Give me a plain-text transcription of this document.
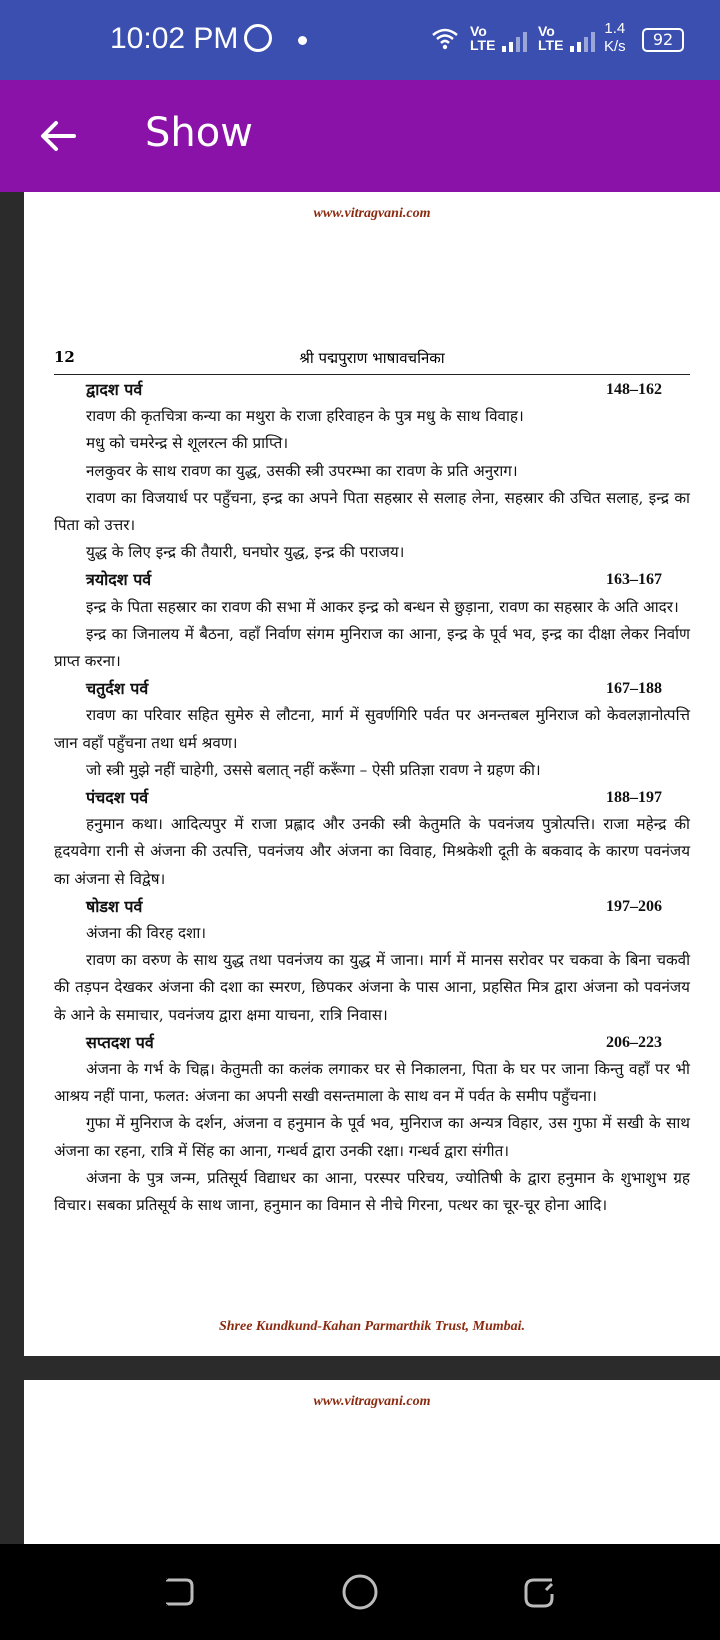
10:02 PM	Vo
LTE
Vo
LTE
1.4
K/s	92
Show
www.vitragvani.com
12	श्री पद्मपुराण भाषावचनिका
द्वादश पर्व	148–162

रावण की कृतचित्रा कन्या का मथुरा के राजा हरिवाहन के पुत्र मधु के साथ विवाह।

मधु को चमरेन्द्र से शूलरत्न की प्राप्ति।

नलकुवर के साथ रावण का युद्ध, उसकी स्त्री उपरम्भा का रावण के प्रति अनुराग।

रावण का विजयार्ध पर पहुँचना, इन्द्र का अपने पिता सहस्रार से सलाह लेना, सहस्रार की उचित सलाह, इन्द्र का पिता को उत्तर।

युद्ध के लिए इन्द्र की तैयारी, घनघोर युद्ध, इन्द्र की पराजय।

त्रयोदश पर्व	163–167

इन्द्र के पिता सहस्रार का रावण की सभा में आकर इन्द्र को बन्धन से छुड़ाना, रावण का सहस्रार के अति आदर।

इन्द्र का जिनालय में बैठना, वहाँ निर्वाण संगम मुनिराज का आना, इन्द्र के पूर्व भव, इन्द्र का दीक्षा लेकर निर्वाण प्राप्त करना।

चतुर्दश पर्व	167–188

रावण का परिवार सहित सुमेरु से लौटना, मार्ग में सुवर्णगिरि पर्वत पर अनन्तबल मुनिराज को केवलज्ञानोत्पत्ति जान वहाँ पहुँचना तथा धर्म श्रवण।

जो स्त्री मुझे नहीं चाहेगी, उससे बलात् नहीं करूँगा – ऐसी प्रतिज्ञा रावण ने ग्रहण की।

पंचदश पर्व	188–197

हनुमान कथा। आदित्यपुर में राजा प्रह्लाद और उनकी स्त्री केतुमति के पवनंजय पुत्रोत्पत्ति। राजा महेन्द्र की हृदयवेगा रानी से अंजना की उत्पत्ति, पवनंजय और अंजना का विवाह, मिश्रकेशी दूती के बकवाद के कारण पवनंजय का अंजना से विद्वेष।

षोडश पर्व	197–206

अंजना की विरह दशा।

रावण का वरुण के साथ युद्ध तथा पवनंजय का युद्ध में जाना। मार्ग में मानस सरोवर पर चकवा के बिना चकवी की तड़पन देखकर अंजना की दशा का स्मरण, छिपकर अंजना के पास आना, प्रहसित मित्र द्वारा अंजना को पवनंजय के आने के समाचार, पवनंजय द्वारा क्षमा याचना, रात्रि निवास।

सप्तदश पर्व	206–223

अंजना के गर्भ के चिह्न। केतुमती का कलंक लगाकर घर से निकालना, पिता के घर पर जाना किन्तु वहाँ पर भी आश्रय नहीं पाना, फलत: अंजना का अपनी सखी वसन्तमाला के साथ वन में पर्वत के समीप पहुँचना।

गुफा में मुनिराज के दर्शन, अंजना व हनुमान के पूर्व भव, मुनिराज का अन्यत्र विहार, उस गुफा में सखी के साथ अंजना का रहना, रात्रि में सिंह का आना, गन्धर्व द्वारा उनकी रक्षा। गन्धर्व द्वारा संगीत।

अंजना के पुत्र जन्म, प्रतिसूर्य विद्याधर का आना, परस्पर परिचय, ज्योतिषी के द्वारा हनुमान के शुभाशुभ ग्रह विचार। सबका प्रतिसूर्य के साथ जाना, हनुमान का विमान से नीचे गिरना, पत्थर का चूर-चूर होना आदि।

Shree Kundkund-Kahan Parmarthik Trust, Mumbai.
www.vitragvani.com
